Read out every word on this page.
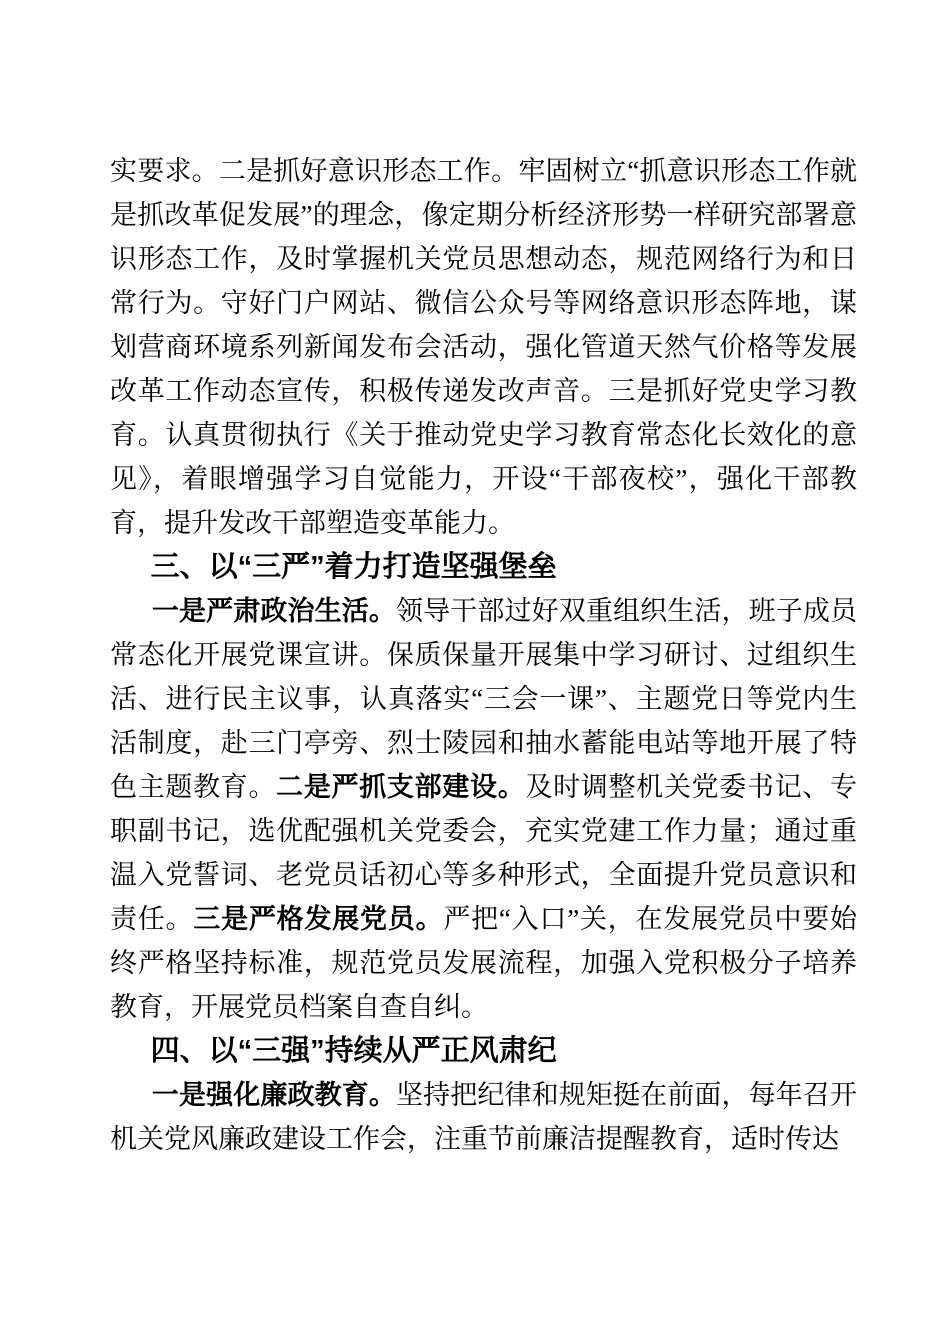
实要求。二是抓好意识形态工作。牢固树立“抓意识形态工作就是抓改革促发展”的理念，像定期分析经济形势一样研究部署意识形态工作，及时掌握机关党员思想动态，规范网络行为和日常行为。守好门户网站、微信公众号等网络意识形态阵地，谋划营商环境系列新闻发布会活动，强化管道天然气价格等发展改革工作动态宣传，积极传递发改声音。三是抓好党史学习教育。认真贯彻执行《关于推动党史学习教育常态化长效化的意见》，着眼增强学习自觉能力，开设“干部夜校”，强化干部教育，提升发改干部塑造变革能力。

三、以“三严”着力打造坚强堡垒

一是严肃政治生活。领导干部过好双重组织生活，班子成员常态化开展党课宣讲。保质保量开展集中学习研讨、过组织生活、进行民主议事，认真落实“三会一课”、主题党日等党内生活制度，赴三门亭旁、烈士陵园和抽水蓄能电站等地开展了特色主题教育。二是严抓支部建设。及时调整机关党委书记、专职副书记，选优配强机关党委会，充实党建工作力量；通过重温入党誓词、老党员话初心等多种形式，全面提升党员意识和责任。三是严格发展党员。严把“入口”关，在发展党员中要始终严格坚持标准，规范党员发展流程，加强入党积极分子培养教育，开展党员档案自查自纠。

四、以“三强”持续从严正风肃纪

一是强化廉政教育。坚持把纪律和规矩挺在前面，每年召开机关党风廉政建设工作会，注重节前廉洁提醒教育，适时传达
